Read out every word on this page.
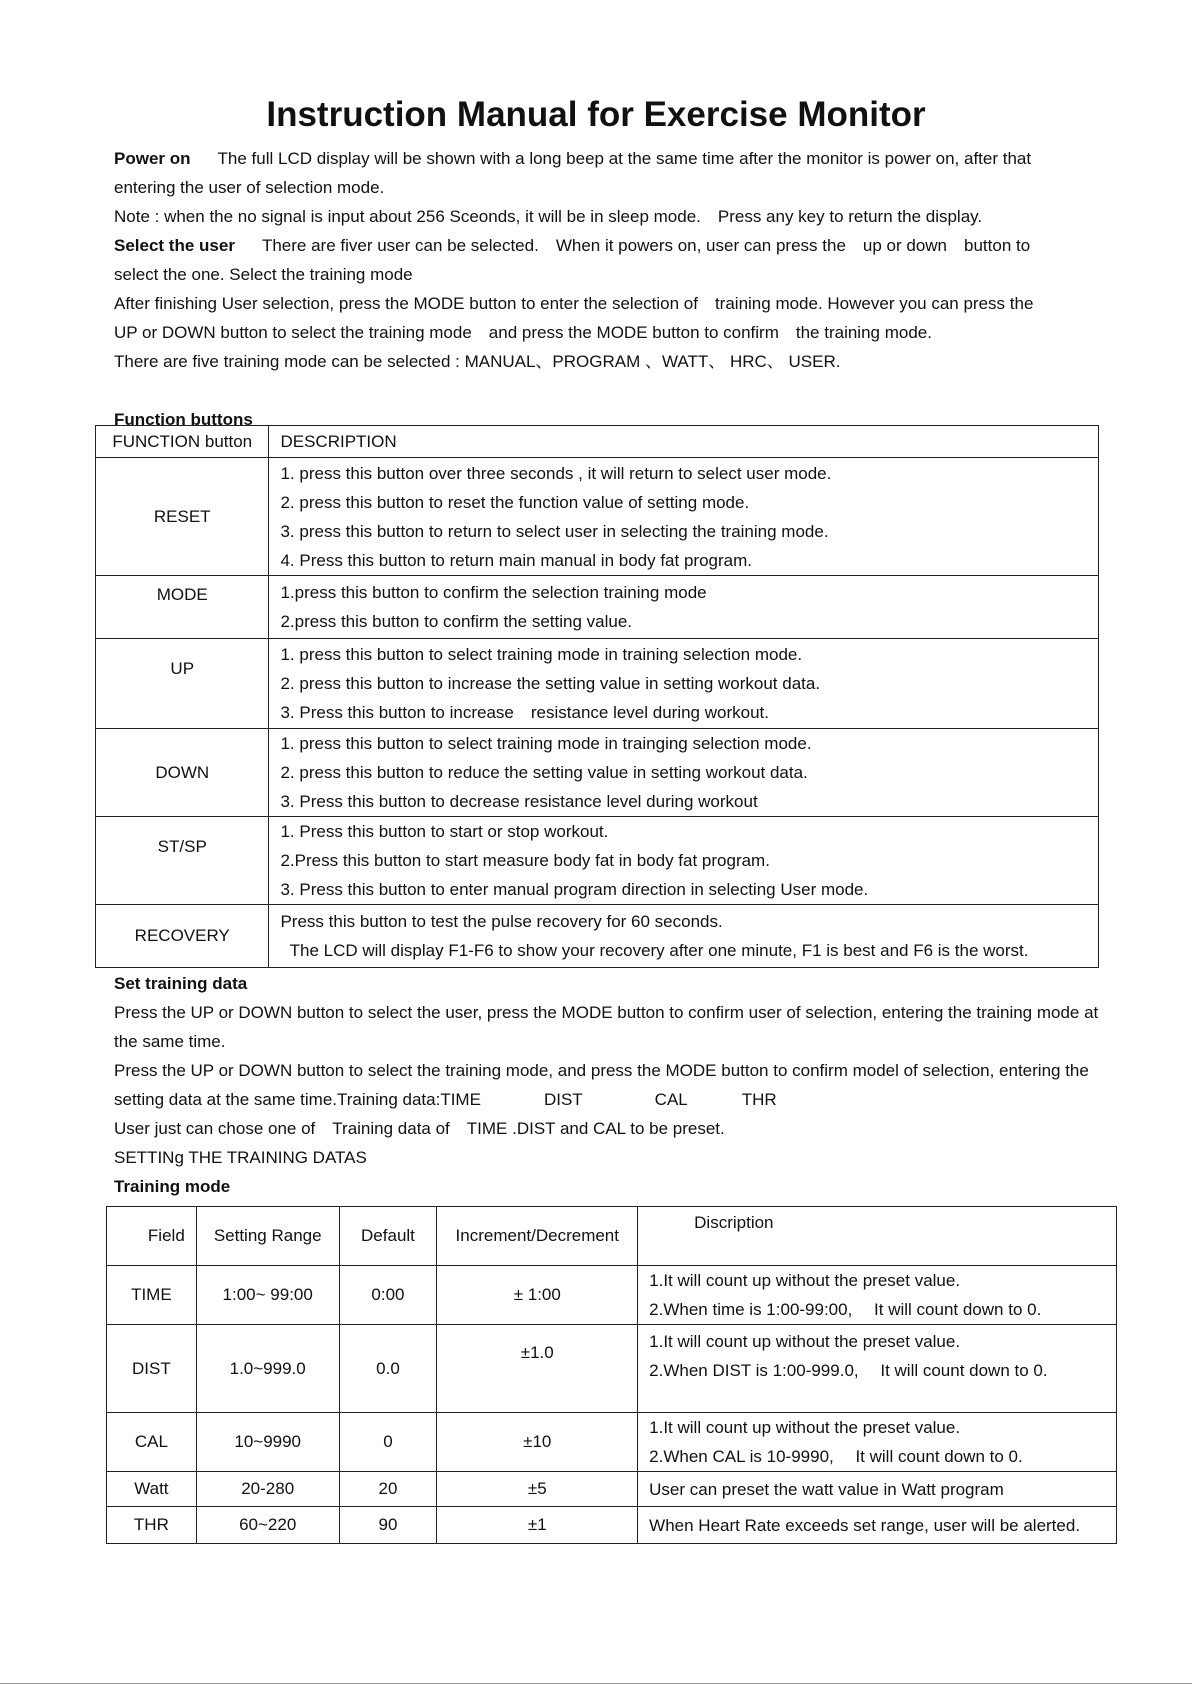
Instruction Manual for Exercise Monitor
Power on The full LCD display will be shown with a long beep at the same time after the monitor is power on, after that
entering the user of selection mode.
Note : when the no signal is input about 256 Sceonds, it will be in sleep mode.　Press any key to return the display.
Select the user There are fiver user can be selected.　When it powers on, user can press the　up or down　button to
select the one. Select the training mode
After finishing User selection, press the MODE button to enter the selection of　training mode. However you can press the
UP or DOWN button to select the training mode　and press the MODE button to confirm　the training mode.
There are five training mode can be selected : MANUAL、PROGRAM 、WATT、 HRC、 USER.
Function buttons
FUNCTION button	DESCRIPTION
RESET	1. press this button over three seconds , it will return to select user mode.
2. press this button to reset the function value of setting mode.
3. press this button to return to select user in selecting the training mode.
4. Press this button to return main manual in body fat program.

MODE	1.press this button to confirm the selection training mode
2.press this button to confirm the setting value.

UP	1. press this button to select training mode in training selection mode.
2. press this button to increase the setting value in setting workout data.
3. Press this button to increase　resistance level during workout.

DOWN	1. press this button to select training mode in trainging selection mode.
2. press this button to reduce the setting value in setting workout data.
3. Press this button to decrease resistance level during workout

ST/SP	1. Press this button to start or stop workout.
2.Press this button to start measure body fat in body fat program.
3. Press this button to enter manual program direction in selecting User mode.

RECOVERY	Press this button to test the pulse recovery for 60 seconds.
The LCD will display F1-F6 to show your recovery after one minute, F1 is best and F6 is the worst.
Set training data
Press the UP or DOWN button to select the user, press the MODE button to confirm user of selection, entering the training mode at
the same time.
Press the UP or DOWN button to select the training mode, and press the MODE button to confirm model of selection, entering the
setting data at the same time.Training data:TIME	DIST	CAL	THR
User just can chose one of　Training data of　TIME .DIST and CAL to be preset.
SETTINg THE TRAINING DATAS
Training mode
Field	Setting Range	Default	Increment/Decrement	Discription
TIME	1:00~ 99:00	0:00	± 1:00	1.It will count up without the preset value.
2.When time is 1:00-99:00,　 It will count down to 0.

DIST	1.0~999.0	0.0	±1.0	1.It will count up without the preset value.
2.When DIST is 1:00-999.0,　 It will count down to 0.

CAL	10~9990	0	±10	1.It will count up without the preset value.
2.When CAL is 10-9990,　 It will count down to 0.

Watt	20-280	20	±5	User can preset the watt value in Watt program

THR	60~220	90	±1	When Heart Rate exceeds set range, user will be alerted.
